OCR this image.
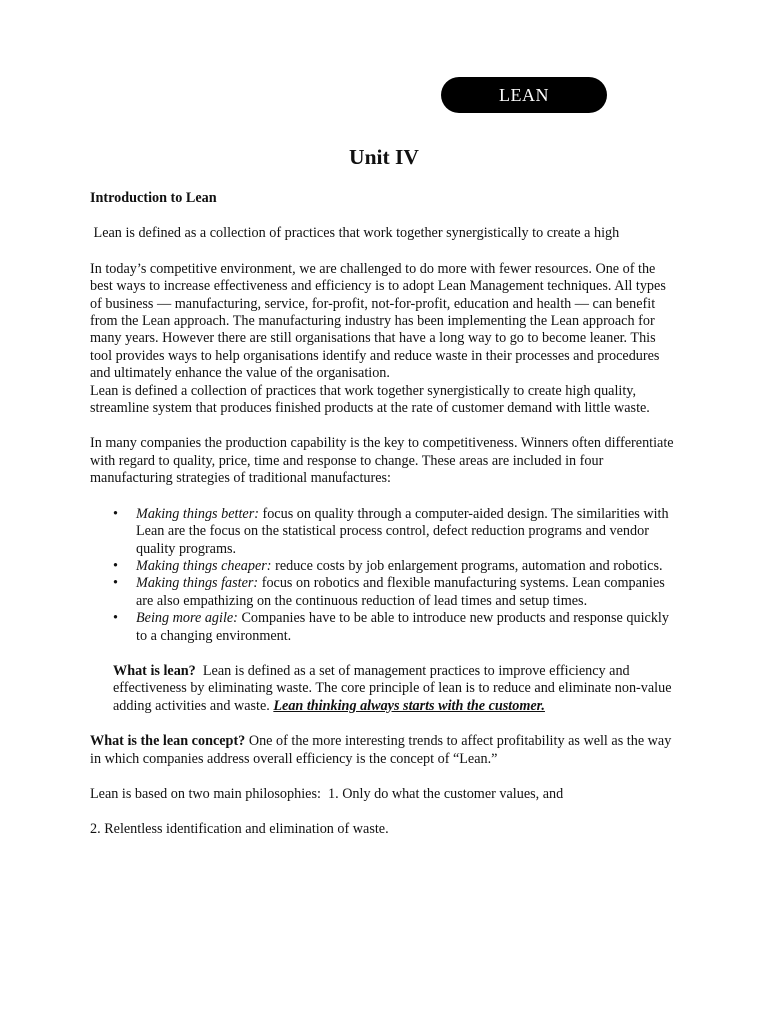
LEAN
Unit IV

Introduction to Lean

Lean is defined as a collection of practices that work together synergistically to create a high

In today’s competitive environment, we are challenged to do more with fewer resources. One of the best ways to increase effectiveness and efficiency is to adopt Lean Management techniques. All types of business — manufacturing, service, for-profit, not-for-profit, education and health — can benefit from the Lean approach. The manufacturing industry has been implementing the Lean approach for many years. However there are still organisations that have a long way to go to become leaner. This tool provides ways to help organisations identify and reduce waste in their processes and procedures and ultimately enhance the value of the organisation.

Lean is defined a collection of practices that work together synergistically to create high quality, streamline system that produces finished products at the rate of customer demand with little waste.

In many companies the production capability is the key to competitiveness. Winners often differentiate with regard to quality, price, time and response to change. These areas are included in four manufacturing strategies of traditional manufactures:

• Making things better: focus on quality through a computer-aided design. The similarities with Lean are the focus on the statistical process control, defect reduction programs and vendor quality programs.
• Making things cheaper: reduce costs by job enlargement programs, automation and robotics.
• Making things faster: focus on robotics and flexible manufacturing systems. Lean companies are also empathizing on the continuous reduction of lead times and setup times.
• Being more agile: Companies have to be able to introduce new products and response quickly to a changing environment.

What is lean?  Lean is defined as a set of management practices to improve efficiency and effectiveness by eliminating waste. The core principle of lean is to reduce and eliminate non-value adding activities and waste. Lean thinking always starts with the customer.

What is the lean concept? One of the more interesting trends to affect profitability as well as the way in which companies address overall efficiency is the concept of “Lean.”

Lean is based on two main philosophies:  1. Only do what the customer values, and

2. Relentless identification and elimination of waste.
